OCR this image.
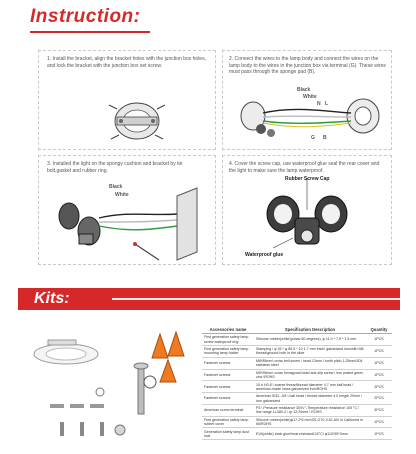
Instruction:
1. Install the bracket, align the bracket holes with the junction box holes, and lock the bracket with the junction box set screw.
2. Connect the wires to the lamp body and connect the wires on the lamp body to the wires in the junction box via terminal (G). These wires must pass through the sponge pad (B).
Black
White
N L
G B
3. Installed the light on the spongy cushion and bracket by tie bolt,gasket and rubber ring.
Black
White
4. Cover the screw cap, use waterproof glue seal the rear cover and the light to make sure the lamp waterproof.
Rubber Screw Cap
Waterproof glue
Kits:
Accessories name	Specification Description	Quantity
First generation safety lamp screw waterproof ring	Silicone rubber(white)(shaw 60 degrees), φ 11.0 * 7.5 * 1.5 mm	1PCS
First generation safety lamp mounting lamp holder	Stamping \ φ 35 * φ 85.5 * 10 1.7 mm thick\ galvanized iron\with M8 thread\ground hole in the slide	1PCS
Fastener screws	M8*85mm\ cross bell screw \ head 13mm \ tooth pitch 1.25mm\304 stainless steel	1PCS
Fastener screws	M5*95mm\ cross hexagonal head anti-slip screw \ iron plated green zinc \ROHS	1PCS
Fastener screws	10 # H0.8 \ coarse thread\thread diameter 4.7 mm ball head \ american-made cross galvanized iron\ROHS	2PCS
Fastener screws	American 5/32--3/4 \ ball head \ thread diameter 4.0 length 20mm \ iron galvanized	2PCS
American screw terminal	P3 \ Pressure resistance 300V \ Temperature resistance 105 °C \ line range LL3AV-2 \ tp 12;20mm \ ROHS	3PCS
First generation safety lamp rubber cover	Silicone rubber(white)φ17.2*6 mm\SS-G70-XJG-A0\ in California in 65\ROHS	1PCS
Generation safety lamp dust mat	EVA(white) back glue\heat-resistant120°C\ φ110*55*3mm	1PCS
